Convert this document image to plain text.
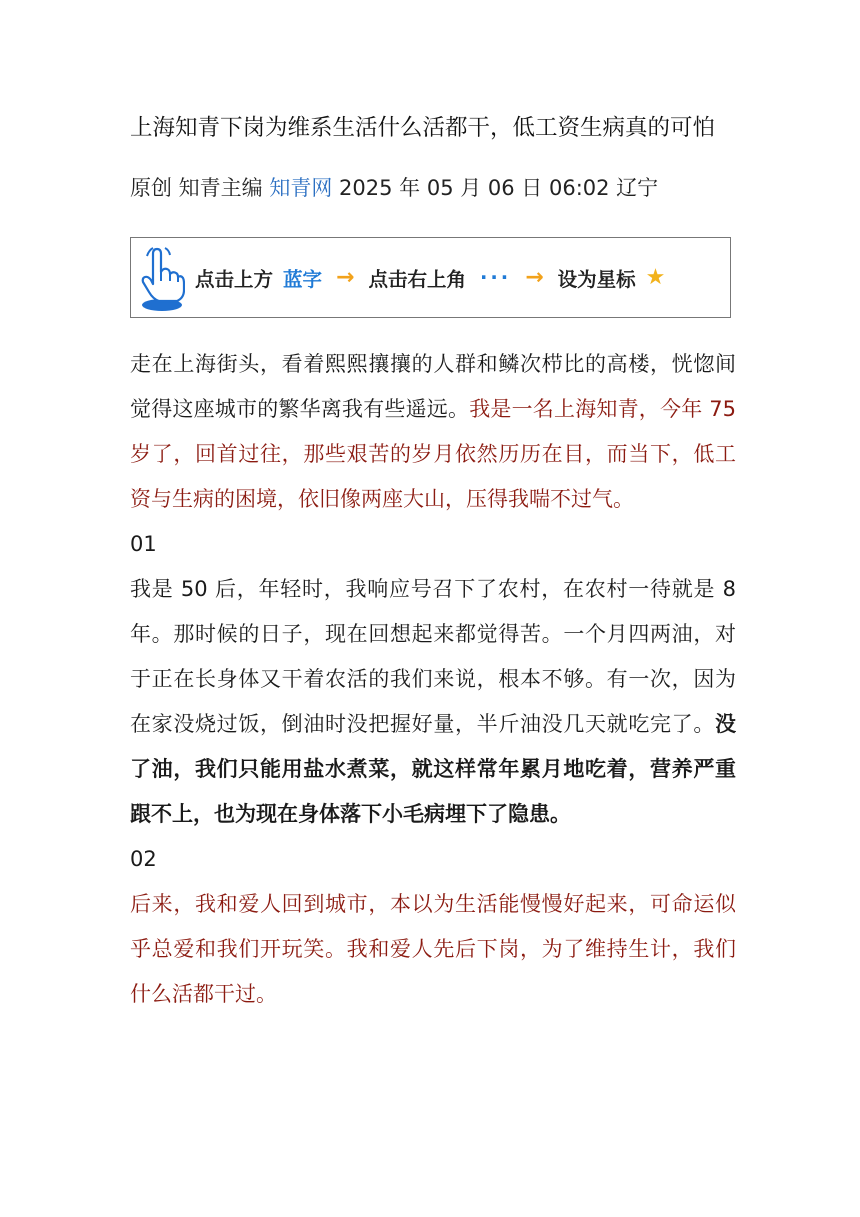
上海知青下岗为维系生活什么活都干，低工资生病真的可怕
原创 知青主编 知青网 2025 年 05 月 06 日 06:02 辽宁
点击上方 蓝字 → 点击右上角 ··· → 设为星标 ★

走在上海街头，看着熙熙攘攘的人群和鳞次栉比的高楼，恍惚间觉得这座城市的繁华离我有些遥远。我是一名上海知青，今年 75 岁了，回首过往，那些艰苦的岁月依然历历在目，而当下，低工资与生病的困境，依旧像两座大山，压得我喘不过气。

01

我是 50 后，年轻时，我响应号召下了农村，在农村一待就是 8 年。那时候的日子，现在回想起来都觉得苦。一个月四两油，对于正在长身体又干着农活的我们来说，根本不够。有一次，因为在家没烧过饭，倒油时没把握好量，半斤油没几天就吃完了。没了油，我们只能用盐水煮菜，就这样常年累月地吃着，营养严重跟不上，也为现在身体落下小毛病埋下了隐患。

02

后来，我和爱人回到城市，本以为生活能慢慢好起来，可命运似乎总爱和我们开玩笑。我和爱人先后下岗，为了维持生计，我们什么活都干过。
